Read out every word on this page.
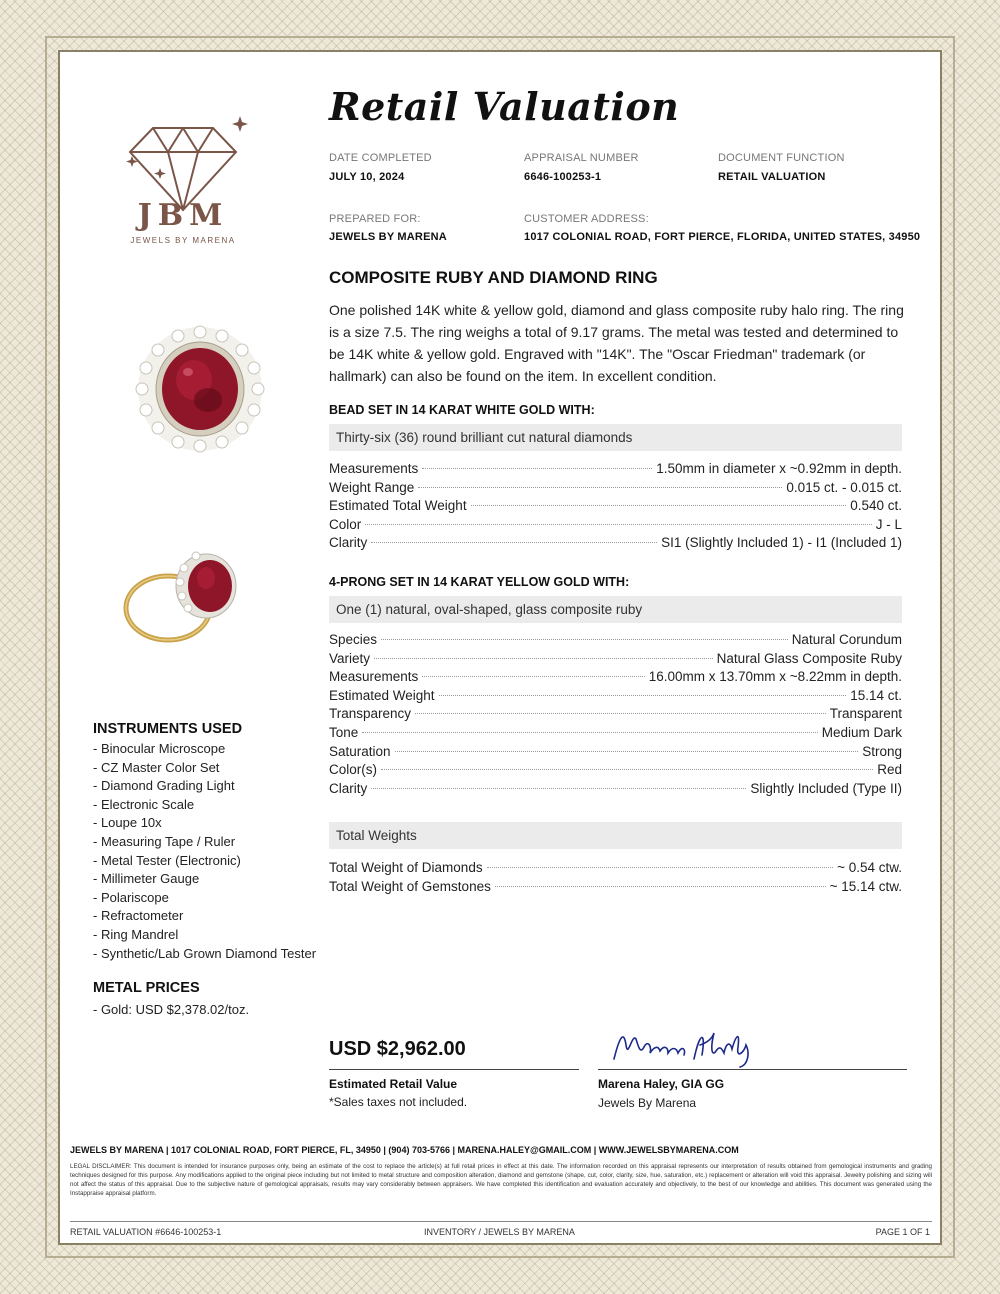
JBM
JEWELS BY MARENA
Retail Valuation
DATE COMPLETED
JULY 10, 2024
APPRAISAL NUMBER
6646-100253-1
DOCUMENT FUNCTION
RETAIL VALUATION
PREPARED FOR:
JEWELS BY MARENA
CUSTOMER ADDRESS:
1017 COLONIAL ROAD, FORT PIERCE, FLORIDA, UNITED STATES, 34950
COMPOSITE RUBY AND DIAMOND RING
One polished 14K white & yellow gold, diamond and glass composite ruby halo ring. The ring is a size 7.5. The ring weighs a total of 9.17 grams. The metal was tested and determined to be 14K white & yellow gold. Engraved with "14K". The "Oscar Friedman" trademark (or hallmark) can also be found on the item. In excellent condition.
BEAD SET IN 14 KARAT WHITE GOLD WITH:
Thirty-six (36) round brilliant cut natural diamonds
Measurements	1.50mm in diameter x ~0.92mm in depth.
Weight Range	0.015 ct. - 0.015 ct.
Estimated Total Weight	0.540 ct.
Color	J - L
Clarity	SI1 (Slightly Included 1) - I1 (Included 1)
4-PRONG SET IN 14 KARAT YELLOW GOLD WITH:
One (1) natural, oval-shaped, glass composite ruby
Species	Natural Corundum
Variety	Natural Glass Composite Ruby
Measurements	16.00mm x 13.70mm x ~8.22mm in depth.
Estimated Weight	15.14 ct.
Transparency	Transparent
Tone	Medium Dark
Saturation	Strong
Color(s)	Red
Clarity	Slightly Included (Type II)
Total Weights
Total Weight of Diamonds	~ 0.54 ctw.
Total Weight of Gemstones	~ 15.14 ctw.
INSTRUMENTS USED
- Binocular Microscope
- CZ Master Color Set
- Diamond Grading Light
- Electronic Scale
- Loupe 10x
- Measuring Tape / Ruler
- Metal Tester (Electronic)
- Millimeter Gauge
- Polariscope
- Refractometer
- Ring Mandrel
- Synthetic/Lab Grown Diamond Tester
METAL PRICES
- Gold: USD $2,378.02/toz.
USD $2,962.00
Estimated Retail Value
*Sales taxes not included.
Marena Haley, GIA GG
Jewels By Marena
JEWELS BY MARENA | 1017 COLONIAL ROAD, FORT PIERCE, FL, 34950 | (904) 703-5766 | MARENA.HALEY@GMAIL.COM | WWW.JEWELSBYMARENA.COM
LEGAL DISCLAIMER: This document is intended for insurance purposes only, being an estimate of the cost to replace the article(s) at full retail prices in effect at this date. The information recorded on this appraisal represents our interpretation of results obtained from gemological instruments and grading techniques designed for this purpose. Any modifications applied to the original piece including but not limited to metal structure and composition alteration, diamond and gemstone (shape, cut, color, clarity, size, hue, saturation, etc.) replacement or alteration will void this appraisal. Jewelry polishing and sizing will not affect the status of this appraisal. Due to the subjective nature of gemological appraisals, results may vary considerably between appraisers. We have completed this identification and evaluation accurately and objectively, to the best of our knowledge and abilities. This document was generated using the Instappraise appraisal platform.
RETAIL VALUATION #6646-100253-1	INVENTORY / JEWELS BY MARENA	PAGE 1 OF 1
